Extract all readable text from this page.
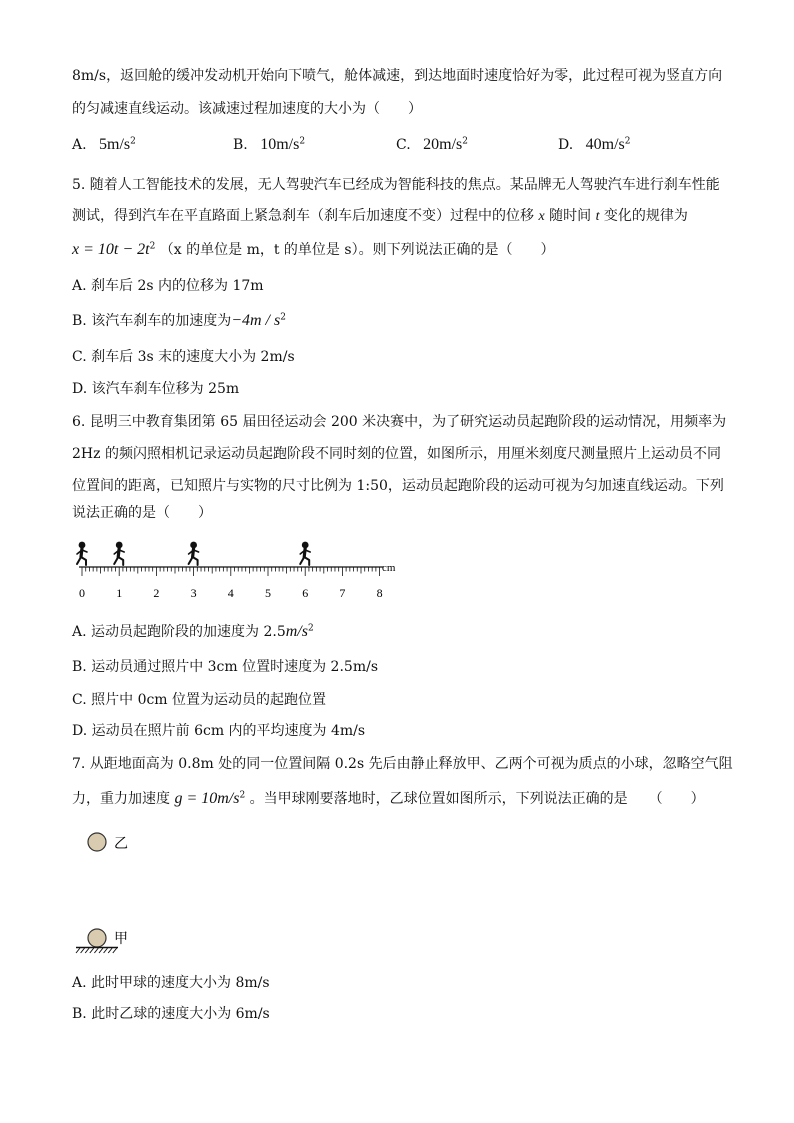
8m/s，返回舱的缓冲发动机开始向下喷气，舱体减速，到达地面时速度恰好为零，此过程可视为竖直方向
的匀减速直线运动。该减速过程加速度的大小为（　　）
A. $5m/s^2$	B. $10m/s^2$	C. $20m/s^2$	D. $40m/s^2$
5. 随着人工智能技术的发展，无人驾驶汽车已经成为智能科技的焦点。某品牌无人驾驶汽车进行刹车性能
测试，得到汽车在平直路面上紧急刹车（刹车后加速度不变）过程中的位移 x 随时间 t 变化的规律为
$x = 10t - 2t^2$ （x 的单位是 m，t 的单位是 s）。则下列说法正确的是（　　）
A. 刹车后 2s 内的位移为 17m
B. 该汽车刹车的加速度为$-4m / s^2$
C. 刹车后 3s 末的速度大小为 2m/s
D. 该汽车刹车位移为 25m
6. 昆明三中教育集团第 65 届田径运动会 200 米决赛中，为了研究运动员起跑阶段的运动情况，用频率为
2Hz 的频闪照相机记录运动员起跑阶段不同时刻的位置，如图所示，用厘米刻度尺测量照片上运动员不同
位置间的距离，已知照片与实物的尺寸比例为 1:50，运动员起跑阶段的运动可视为匀加速直线运动。下列
说法正确的是（　　）
0	1	2	3	4	5	6	7	8
cm
A. 运动员起跑阶段的加速度为 $2.5m/s^2$
B. 运动员通过照片中 3cm 位置时速度为 2.5m/s
C. 照片中 0cm 位置为运动员的起跑位置
D. 运动员在照片前 6cm 内的平均速度为 4m/s
7. 从距地面高为 0.8m 处的同一位置间隔 0.2s 先后由静止释放甲、乙两个可视为质点的小球，忽略空气阻
力，重力加速度 $g = 10m/s^2$ 。当甲球刚要落地时，乙球位置如图所示，下列说法正确的是　　（　　）
乙
甲
A. 此时甲球的速度大小为 8m/s
B. 此时乙球的速度大小为 6m/s
